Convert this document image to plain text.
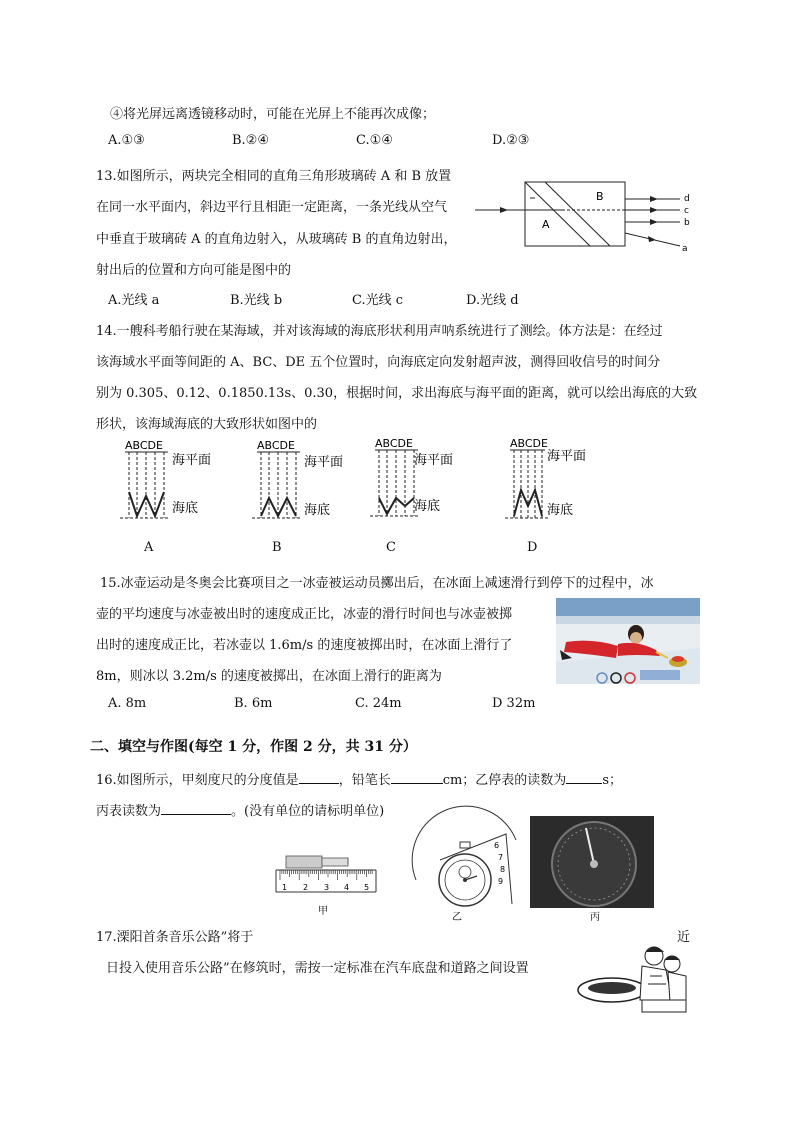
④将光屏远离透镜移动时，可能在光屏上不能再次成像；
A.①③	B.②④	C.①④	D.②③
13.如图所示，两块完全相同的直角三角形玻璃砖 A 和 B 放置
在同一水平面内，斜边平行且相距一定距离，一条光线从空气
中垂直于玻璃砖 A 的直角边射入，从玻璃砖 B 的直角边射出，
射出后的位置和方向可能是图中的
B
A
d
c
b
a
A.光线 a	B.光线 b	C.光线 c	D.光线 d
14.一艘科考船行驶在某海域，并对该海域的海底形状利用声呐系统进行了测绘。体方法是：在经过
该海域水平面等间距的 A、BC、DE 五个位置时，向海底定向发射超声波，测得回收信号的时间分
别为 0.305、0.12、0.1850.13s、0.30，根据时间，求出海底与海平面的距离，就可以绘出海底的大致
形状，该海域海底的大致形状如图中的
ABCDE
海平面
海底
ABCDE
海平面
海底
ABCDE
海平面
海底
ABCDE
海平面
海底
A	B	C	D
15.冰壶运动是冬奥会比赛项目之一冰壶被运动员擲出后，在冰面上减速滑行到停下的过程中，冰
壶的平均速度与冰壶被出时的速度成正比，冰壶的滑行时间也与冰壶被掷
出时的速度成正比，若冰壶以 1.6m/s 的速度被掷出时，在冰面上滑行了
8m，则冰以 3.2m/s 的速度被掷出，在冰面上滑行的距离为
A. 8m	B. 6m	C. 24m	D 32m
二、填空与作图(每空 1 分，作图 2 分，共 31 分）
16.如图所示，甲刻度尺的分度值是	，铅笔长	cm；乙停表的读数为	s；
丙表读数为	。(没有单位的请标明单位)
1 2 3 4 5
甲
6
7
8
9
乙	丙
17.溧阳首条音乐公路”将于	近
日投入使用音乐公路”在修筑时，需按一定标准在汽车底盘和道路之间设置
